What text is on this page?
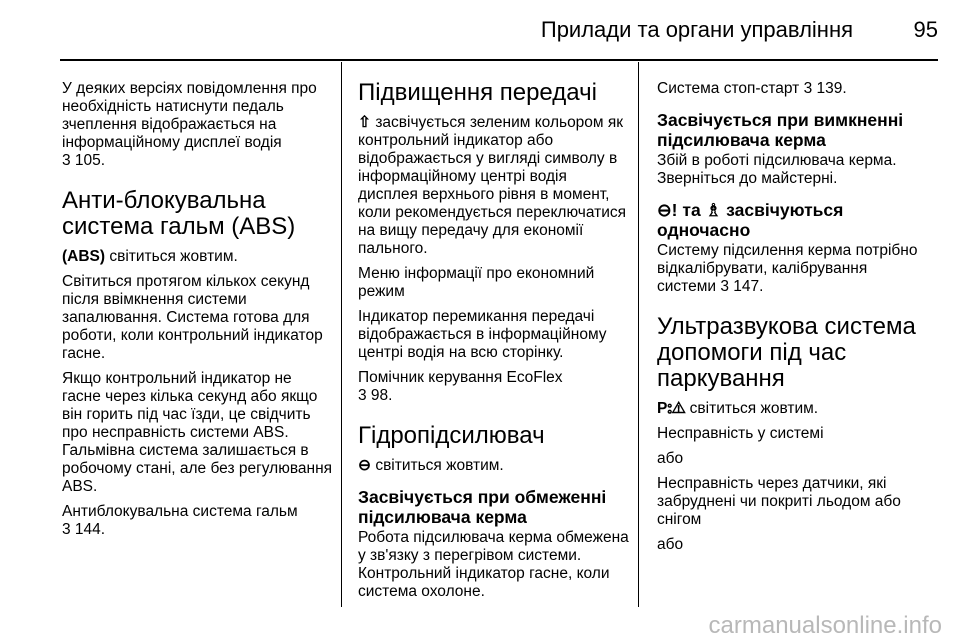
Прилади та органи управління	95

У деяких версіях повідомлення про необхідність натиснути педаль зчеплення відображається на інформаційному дисплеї водія
3 105.

Анти-блокувальна система гальм (ABS)

(ABS) світиться жовтим.

Світиться протягом кількох секунд після ввімкнення системи запалювання. Система готова для роботи, коли контрольний індикатор гасне.

Якщо контрольний індикатор не гасне через кілька секунд або якщо він горить під час їзди, це свідчить про несправність системи ABS. Гальмівна система залишається в робочому стані, але без регулювання ABS.

Антиблокувальна система гальм
3 144.

Підвищення передачі

⇧ засвічується зеленим кольором як контрольний індикатор або відображається у вигляді символу в інформаційному центрі водія дисплея верхнього рівня в момент, коли рекомендується переключатися на вищу передачу для економії пального.

Меню інформації про економний режим

Індикатор перемикання передачі відображається в інформаційному центрі водія на всю сторінку.

Помічник керування EcoFlex
3 98.

Гідропідсилювач

⊖ світиться жовтим.

Засвічується при обмеженні підсилювача керма

Робота підсилювача керма обмежена у зв'язку з перегрівом системи. Контрольний індикатор гасне, коли система охолоне.

Система стоп-старт 3 139.

Засвічується при вимкненні підсилювача керма

Збій в роботі підсилювача керма. Зверніться до майстерні.

⊖! та ♗ засвічуються одночасно

Систему підсилення керма потрібно відкалібрувати, калібрування системи 3 147.

Ультразвукова система допомоги під час паркування

P⦂⚠ світиться жовтим.

Несправність у системі

або

Несправність через датчики, які забруднені чи покриті льодом або снігом

або

carmanualsonline.info
